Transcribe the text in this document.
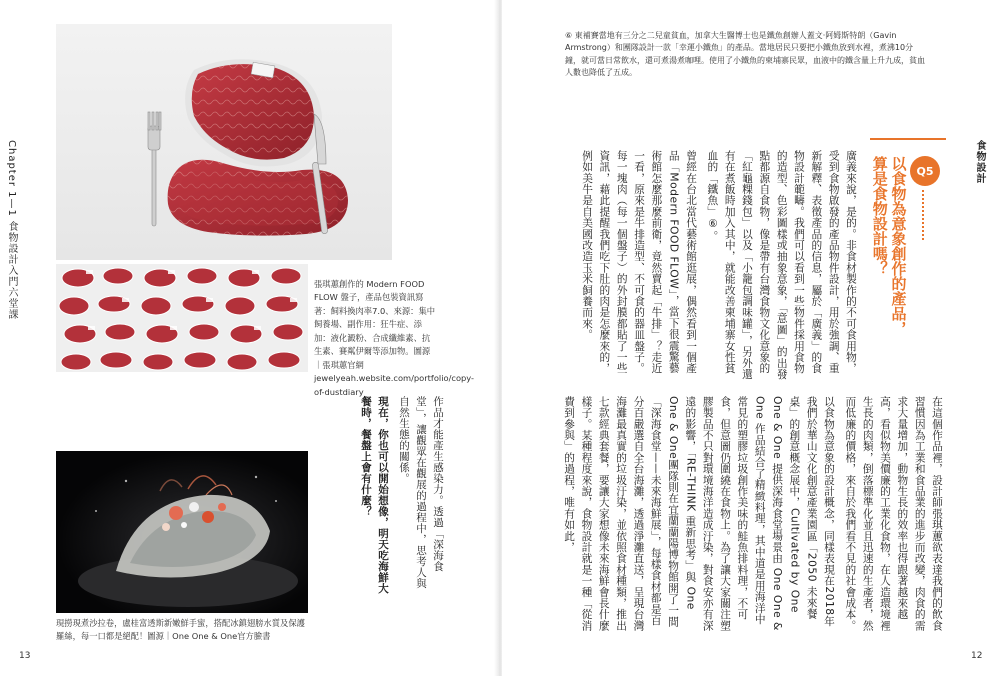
Chapter 1—1 食物設計入門六堂課	張琪蕙創作的 Modern FOOD FLOW 盤子，產品包裝資訊寫著：飼料換肉率7.0、來源：集中飼養場、副作用：狂牛症、添加：液化澱粉、合成纖維素、抗生素、賽粼伊爾等添加物。圖源｜張琪蕙官網jewelyeah.website.com/portfolio/copy-of-dustdiary

作品才能產生感染力。透過「深海食堂」，讓觀眾在觀展的過程中，思考人與自然生態的關係。

現在，你也可以開始想像，明天吃海鮮大餐時，餐盤上會有什麼？

現撈現煮沙拉卷，盧桂富透斯新嫩鮮手蜜，搭配冰鎮翅膀水質及保護羅絲，每一口都是絕配！圖源｜One One & One官方臉書
13
食物設計
⑥ 東補賽當地有三分之二兒童貧血，加拿大生醫博士也是鐵魚創辦人蓋文·阿姆斯特朗（Gavin Armstrong）和團隊設計一款「幸運小鐵魚」的產品。當地居民只要把小鐵魚放到水裡，煮沸10分鐘，就可當日常飲水，還可煮湯煮咖哩。使用了小鐵魚的柬埔寨民眾，血液中的鐵含量上升九成，貧血人數也降低了五成。
Q5
以食物為意象創作的產品，算是食物設計嗎？

廣義來說，是的。非食材製作的不可食用物，受到食物啟發的產品物件設計，用於強調、重新解釋、表徵產品的信息，屬於「廣義」的食物設計範疇。我們可以看到一些物件採用食物的造型、色彩圖樣或抽象意象，「意圖」的出發點都源自食物，像是帶有台灣食物文化意象的「紅龜粿錢包」以及「小籠包調味罐」，另外還有在煮飯時加入其中，就能改善柬埔寨女性貧血的「鐵魚」⑥。

曾經在台北當代藝術館逛展，偶然看到一個產品「Modern FOOD FLOW」，當下很震驚藝術館怎麼那麼前衛，竟然賣起「牛排」？走近一看，原來是牛排造型、不可食的器皿盤子。每一塊肉（每一個盤子）的外封膜都貼了一些資訊，藉此提醒我們吃下肚的肉是怎麼來的，例如美牛是自美國改造玉米飼養而來。

在這個作品裡，設計師張琪蕙欲表達我們的飲食習慣因為工業和食品業的進步而改變，肉食的需求大量增加，動物生長的效率也得跟著越來越高，看似物美價廉的工業化食物，在人造環境裡生長的肉類，倒落標準化並且迅速的生產者，然而低廉的價格，來自於我們看不見的社會成本。

以食物為意象的設計概念，同樣表現在2018年我們於華山文化創意產業園區「2050 未來餐桌」的創意概念展中，Cultivated by One One & One 提供深海食堂場景由 One One & One 作品結合了精緻料理，其中道是用海洋中常見的塑膠垃圾創作美味的鮭魚排料理，不可食，但意圖仍圍繞在食物上。為了讓大家關注塑膠製品不只對環境海洋造成汙染，對食安亦有深遠的影響，「RE-THINK 重新思考」與 One One & One團隊則在宜蘭蘭陽博物館開了一間「深海食堂——未來海鮮展」，每樣食材都是百分百嚴選自全台海灘，透過淨灘直送，呈現台灣海灘最真實的垃圾汙染，並依照食材種類，推出七款經典套餐，要讓大家想像未來海鮮會長什麼樣子。某種程度來說，食物設計就是一種「從消費到參與」的過程，唯有如此，

12
